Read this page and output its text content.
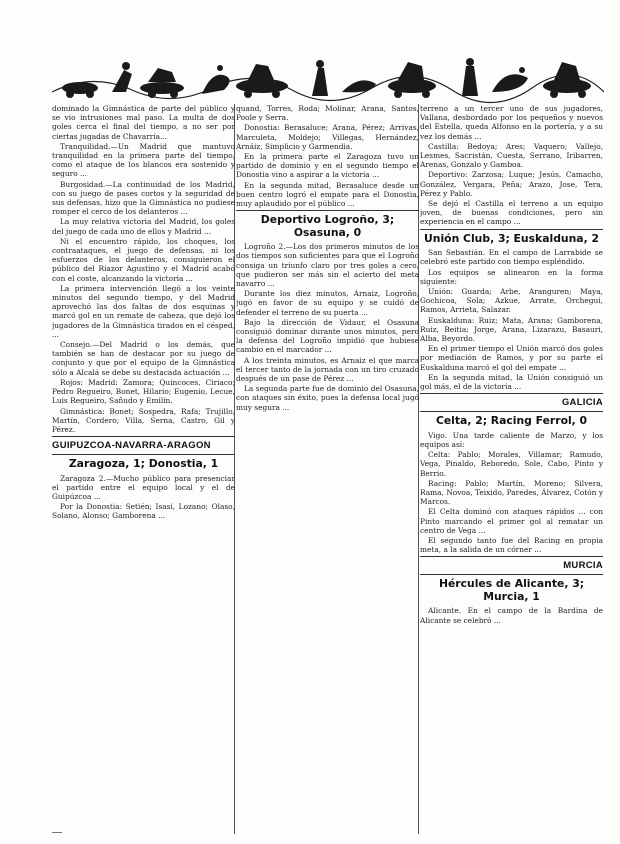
dominado la Gimnástica de parte del público y se vio intrusiones mal paso. La multa de dos goles cerca el final del tiempo, a no ser por ciertas jugadas de Chavarría...

Tranquilidad.—Un Madrid que mantuvo tranquilidad en la primera parte del tiempo, como el ataque de los blancos era sostenido y seguro ...

Burgosidad.—La continuidad de los Madrid, con su juego de pases cortos y la seguridad de sus defensas, hizo que la Gimnástica no pudiese romper el cerco de los delanteros ...

La muy relativa victoria del Madrid, los goles del juego de cada uno de ellos y Madrid ...

Ni el encuentro rápido, los choques, los contraataques, el juego de defensas, ni los esfuerzos de los delanteros, consiguieron el público del Riazor Agustino y el Madrid acabó con el coste, alcanzando la victoria ...

La primera intervención llegó a los veinte minutos del segundo tiempo, y del Madrid aprovechó las dos faltas de dos esquinas y marcó gol en un remate de cabeza, que dejó los jugadores de la Gimnástica tirados en el césped, ...

Consejo.—Del Madrid o los demás, que también se han de destacar por su juego de conjunto y que por el equipo de la Gimnástica sólo a Alcalá se debe su destacada actuación ...

Rojos: Madrid: Zamora; Quincoces, Ciriaco; Pedro Regueiro, Bonet, Hilario; Eugenio, Lecue, Luis Regueiro, Sañudo y Emilín.

Gimnástica: Bonet; Sospedra, Rafa; Trujillo, Martín, Cordero; Villa, Serna, Castro, Gil y Pérez.

GUIPUZCOA-NAVARRA-ARAGON
Zaragoza, 1; Donostia, 1

Zaragoza 2.—Mucho público para presenciar el partido entre el equipo local y el de Guipúzcoa ...

Por la Donostia: Setién; Isasi, Lozano; Olaso, Solano, Alonso; Gamborena ...

quand, Torres, Roda; Molinar, Arana, Santos, Poole y Serra.

Donostia: Berasaluce; Arana, Pérez; Arrivas, Marculeta, Moldejo; Villegas, Hernández, Arnáiz, Simplicio y Garmendia.

En la primera parte el Zaragoza tuvo un partido de dominio y en el segundo tiempo el Donostia vino a aspirar a la victoria ...

En la segunda mitad, Berasaluce desde un buen centro logró el empate para el Donostia, muy aplaudido por el público ...

Deportivo Logroño, 3; Osasuna, 0

Logroño 2.—Los dos primeros minutos de los dos tiempos son suficientes para que el Logroño consiga un triunfo claro por tres goles a cero, que pudieron ser más sin el acierto del meta navarro ...

Durante los diez minutos, Arnaiz, Logroño, jugó en favor de su equipo y se cuidó de defender el terreno de su puerta ...

Bajo la dirección de Vidaur, el Osasuna consiguió dominar durante unos minutos, pero la defensa del Logroño impidió que hubiese cambio en el marcador ...

A los treinta minutos, es Arnaiz el que marca el tercer tanto de la jornada con un tiro cruzado después de un pase de Pérez ...

La segunda parte fue de dominio del Osasuna, con ataques sin éxito, pues la defensa local jugó muy segura ...

terreno a un tercer uno de sus jugadores, Vallana, desbordado por los pequeños y nuevos del Estella, queda Alfonso en la portería, y a su vez los demás ...

Castilla: Bedoya; Ares; Vaquero; Vallejo, Lesmes, Sacristán, Cuesta, Serrano, Iribarren, Arenas, Gonzalo y Gamboa.

Deportivo: Zarzosa; Luque; Jesús, Camacho, González, Vergara, Peña; Arazo, Jose, Tera, Pérez y Pablo.

Se dejó el Castilla el terreno a un equipo joven, de buenas condiciones, pero sin experiencia en el campo ...

Unión Club, 3; Euskalduna, 2

San Sebastián. En el campo de Larrabide se celebró este partido con tiempo espléndido.

Los equipos se alinearon en la forma siguiente:

Unión: Guarda; Arbe, Aranguren; Maya, Gochicoa, Sola; Azkue, Arrate, Orchegui, Ramos, Arrieta, Salazar.

Euskalduna: Ruiz; Mata, Arana; Gamborena, Ruiz, Beitia; Jorge, Arana, Lizarazu, Basauri, Alba, Beyordo.

En el primer tiempo el Unión marcó dos goles por mediación de Ramos, y por su parte el Euskalduna marcó el gol del empate ...

En la segunda mitad, la Unión consiguió un gol más, el de la victoria ...

GALICIA
Celta, 2; Racing Ferrol, 0

Vigo. Una tarde caliente de Marzo, y los equipos así:

Celta: Pablo; Morales, Villamar; Ramudo, Vega, Pinaldo, Reboredo, Sole, Cabo, Pinto y Berrio.

Racing: Pablo; Martín, Moreno; Silvera, Rama, Novoa, Teixido, Paredes, Álvarez, Cotón y Marcos.

El Celta dominó con ataques rápidos ... con Pinto marcando el primer gol al rematar un centro de Vega ...

El segundo tanto fue del Racing en propia meta, a la salida de un córner ...

MURCIA
Hércules de Alicante, 3; Murcia, 1

Alicante. En el campo de la Bardina de Alicante se celebró ...
